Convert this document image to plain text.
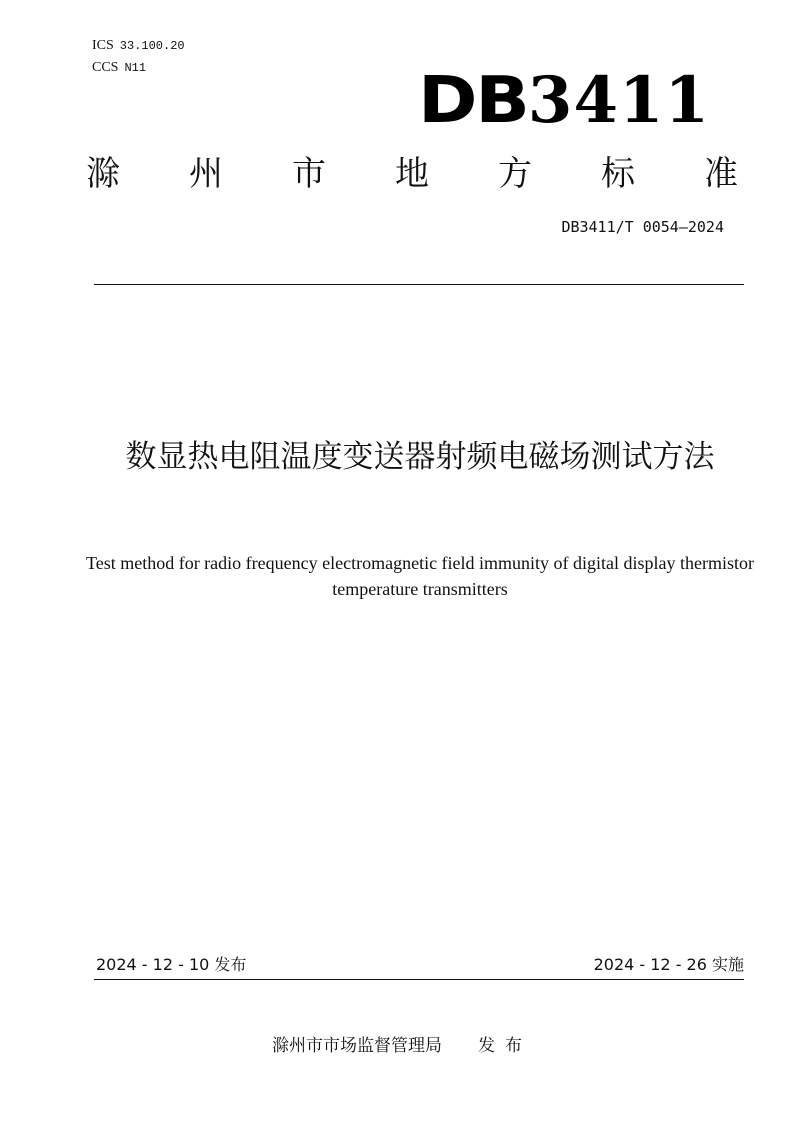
ICS 33.100.20
CCS N11	DB3411
滁 州 市 地 方 标 准
DB3411/T 0054—2024
数显热电阻温度变送器射频电磁场测试方法
Test method for radio frequency electromagnetic field immunity of digital display thermistor temperature transmitters
2024 - 12 - 10 发布	2024 - 12 - 26 实施
滁州市市场监督管理局 发布
